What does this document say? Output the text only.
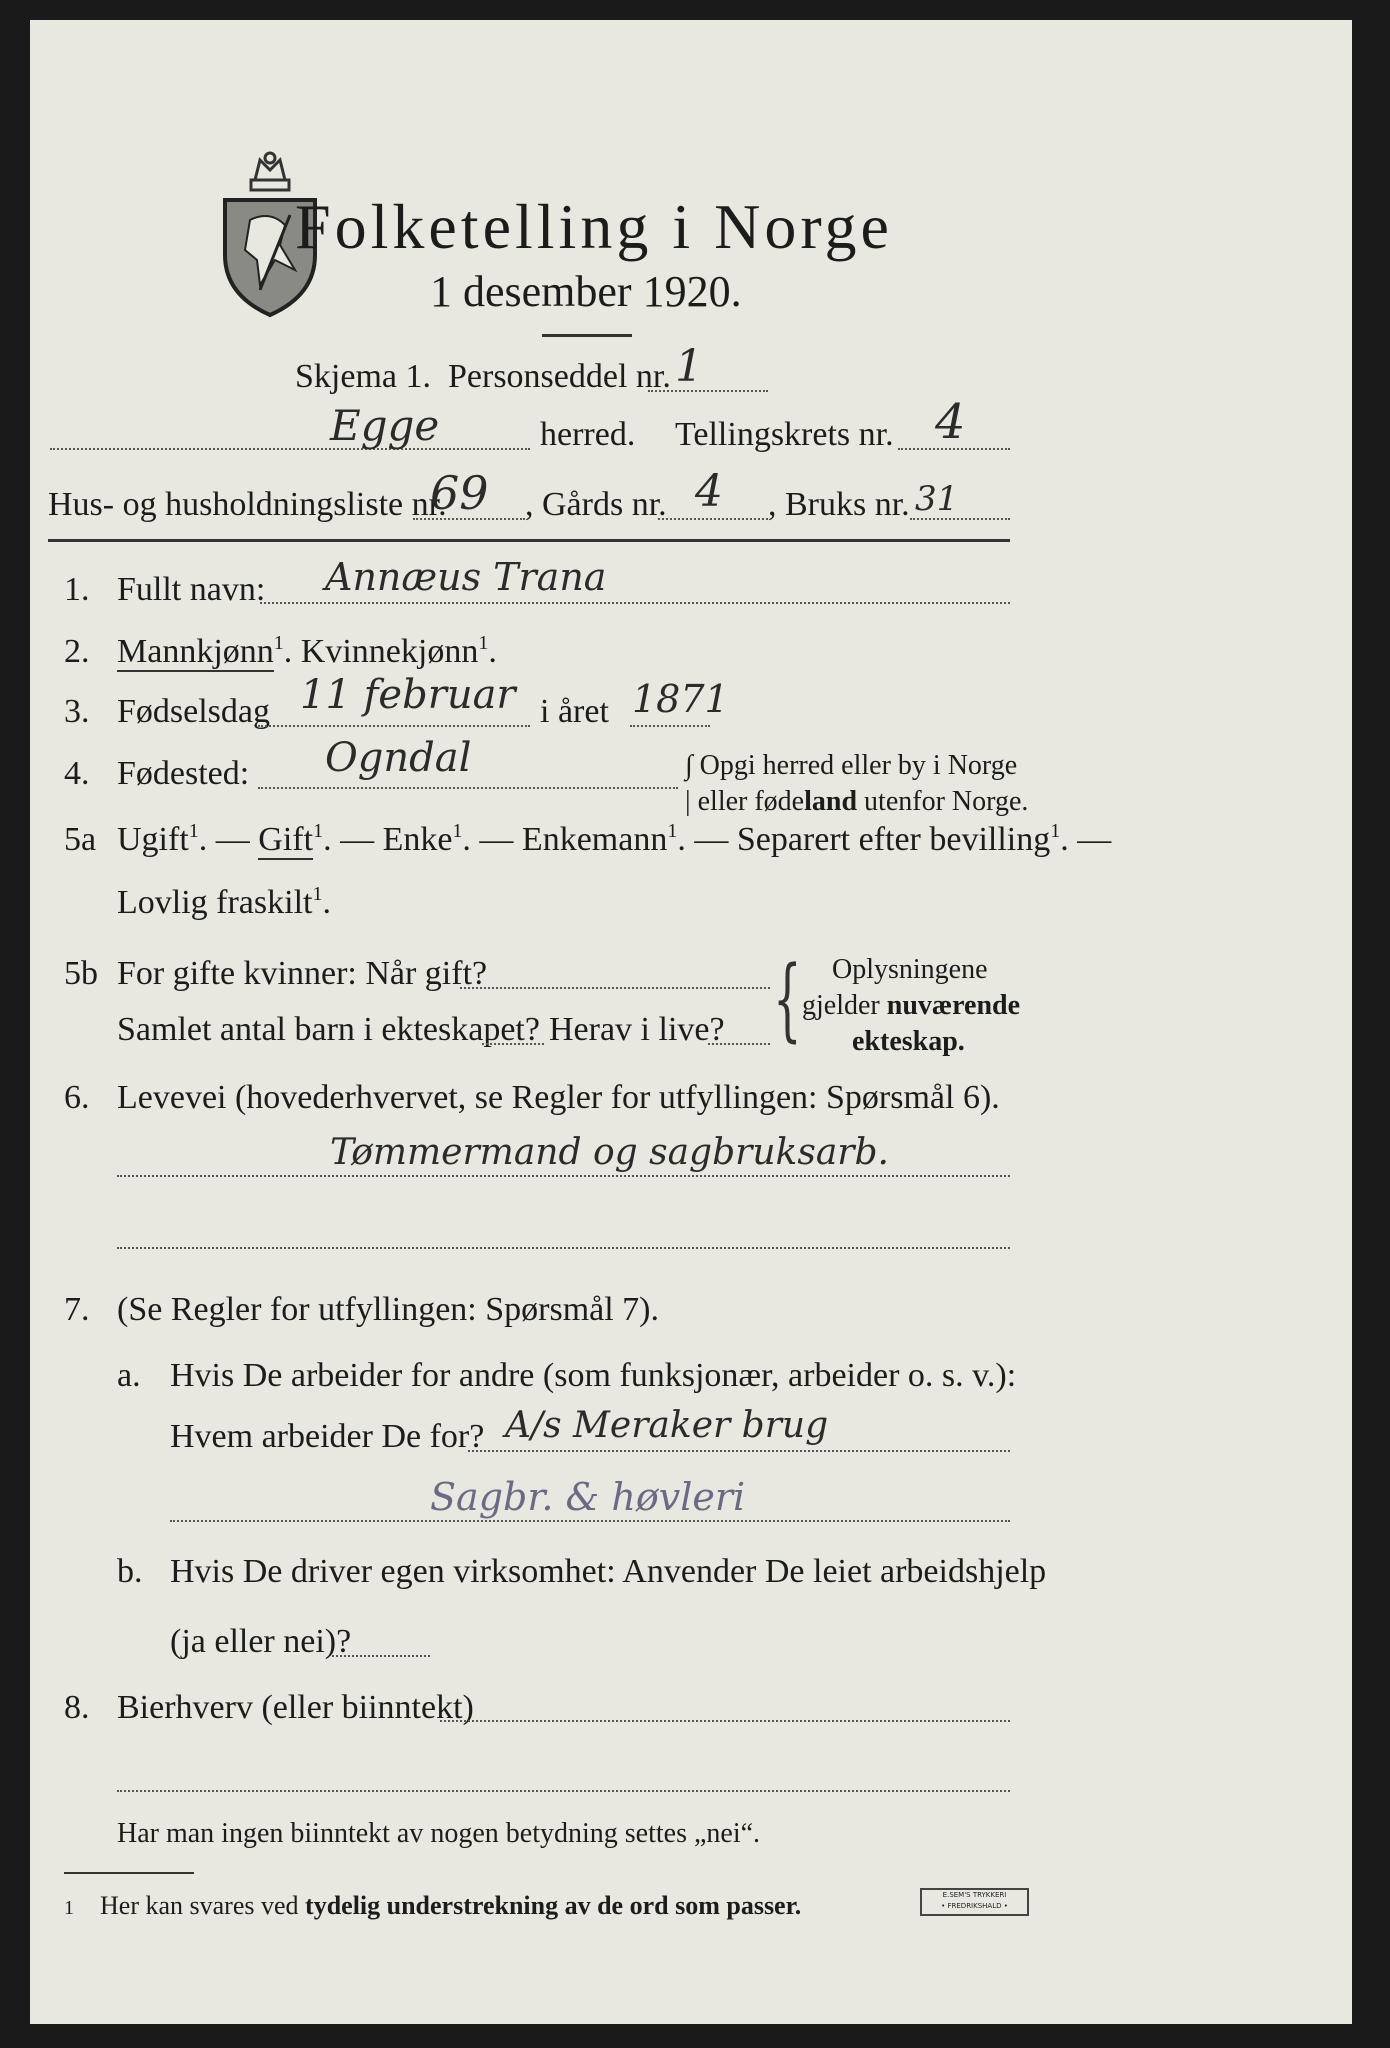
Folketelling i Norge
1 desember 1920.
Skjema 1. Personseddel nr. 1
Egge	herred. Tellingskrets nr. 4
Hus- og husholdningsliste nr.
69 , Gårds nr. 4 , Bruks nr. 31
1. Fullt navn: Annæus Trana
2. Mannkjønn$^1$. Kvinnekjønn$^1$.
3. Fødselsdag 11 februar i året 1871
4. Fødested: Ogndal	∫ Opgi herred eller by i Norge
| eller fødeland utenfor Norge.
5a Ugift$^1$. — Gift$^1$. — Enke$^1$. — Enkemann$^1$. — Separert efter bevilling$^1$. —
Lovlig fraskilt$^1$.
5b For gifte kvinner: Når gift?
Samlet antal barn i ekteskapet? Herav i live? { Oplysningene
gjelder nuværende
ekteskap.
6. Levevei (hovederhvervet, se Regler for utfyllingen: Spørsmål 6).
Tømmermand og sagbruksarb.
7. (Se Regler for utfyllingen: Spørsmål 7).
a. Hvis De arbeider for andre (som funksjonær, arbeider o. s. v.):
Hvem arbeider De for? A/s Meraker brug
Sagbr. & høvleri
b. Hvis De driver egen virksomhet: Anvender De leiet arbeidshjelp
(ja eller nei)?
8. Bierhverv (eller biinntekt)
Har man ingen biinntekt av nogen betydning settes „nei“.
1 Her kan svares ved tydelig understrekning av de ord som passer.	E.SEM'S TRYKKERI
• FREDRIKSHALD •
